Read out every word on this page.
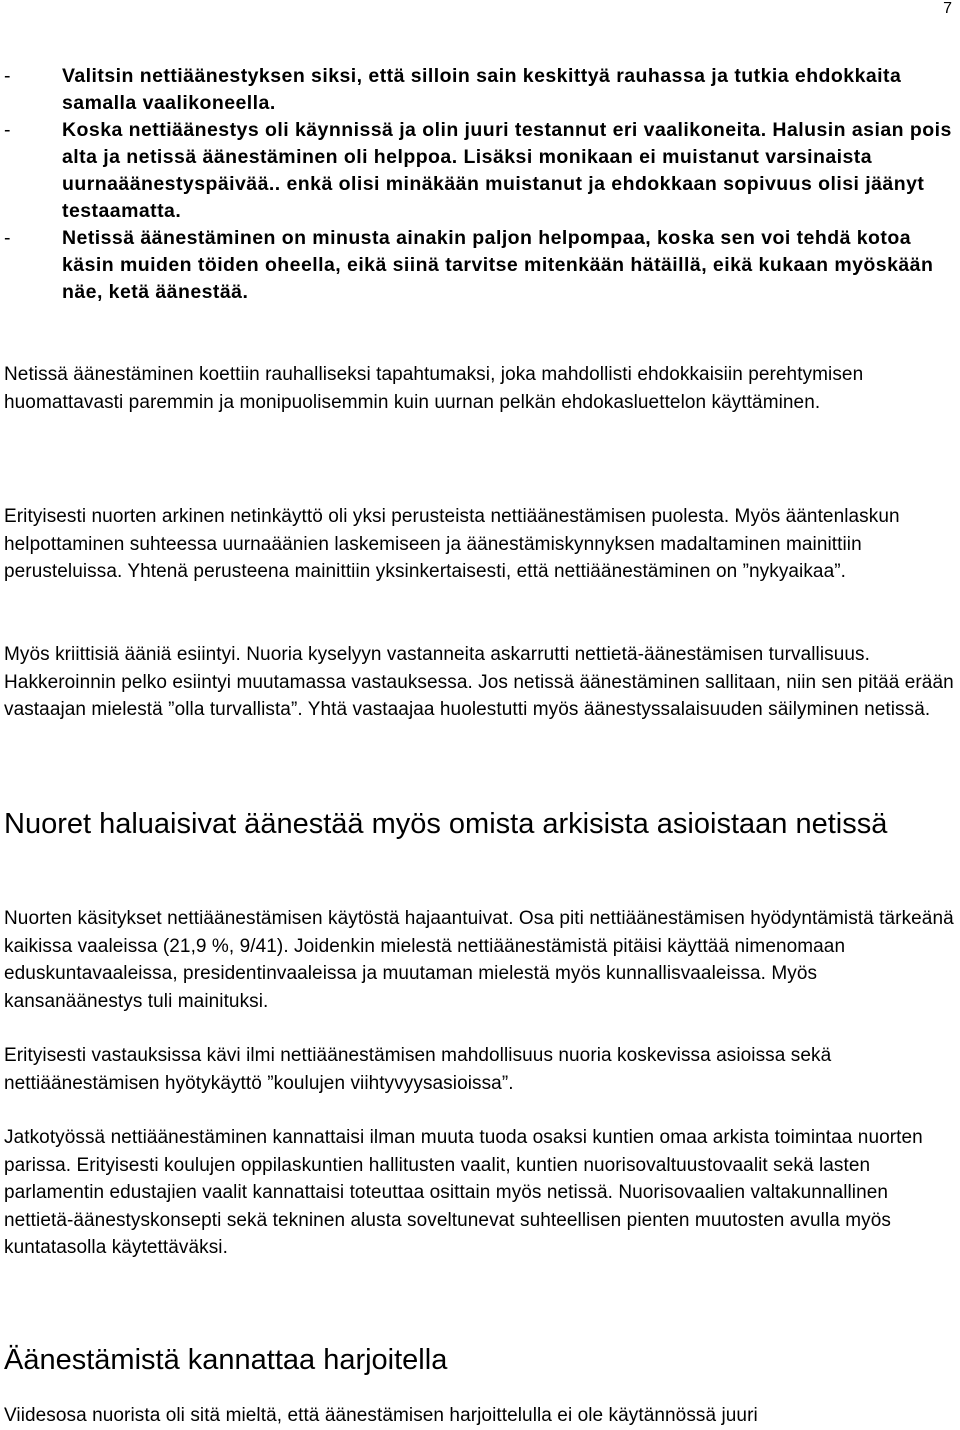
7
-	Valitsin nettiäänestyksen siksi, että silloin sain keskittyä rauhassa ja tutkia ehdokkaita samalla vaalikoneella.
-	Koska nettiäänestys oli käynnissä ja olin juuri testannut eri vaalikoneita. Halusin asian pois alta ja netissä äänestäminen oli helppoa. Lisäksi monikaan ei muistanut varsinaista uurnaäänestyspäivää.. enkä olisi minäkään muistanut ja ehdokkaan sopivuus olisi jäänyt testaamatta.
-	Netissä äänestäminen on minusta ainakin paljon helpompaa, koska sen voi tehdä kotoa käsin muiden töiden oheella, eikä siinä tarvitse mitenkään hätäillä, eikä kukaan myöskään näe, ketä äänestää.

Netissä äänestäminen koettiin rauhalliseksi tapahtumaksi, joka mahdollisti ehdokkaisiin perehtymisen huomattavasti paremmin ja monipuolisemmin kuin uurnan pelkän ehdokasluettelon käyttäminen.

Erityisesti nuorten arkinen netinkäyttö oli yksi perusteista nettiäänestämisen puolesta. Myös ääntenlaskun helpottaminen suhteessa uurnaäänien laskemiseen ja äänestämiskynnyksen madaltaminen mainittiin perusteluissa. Yhtenä perusteena mainittiin yksinkertaisesti, että nettiäänestäminen on ”nykyaikaa”.

Myös kriittisiä ääniä esiintyi. Nuoria kyselyyn vastanneita askarrutti nettietä-äänestämisen turvallisuus. Hakkeroinnin pelko esiintyi muutamassa vastauksessa. Jos netissä äänestäminen sallitaan, niin sen pitää erään vastaajan mielestä ”olla turvallista”. Yhtä vastaajaa huolestutti myös äänestyssalaisuuden säilyminen netissä.

Nuoret haluaisivat äänestää myös omista arkisista asioistaan netissä

Nuorten käsitykset nettiäänestämisen käytöstä hajaantuivat. Osa piti nettiäänestämisen hyödyntämistä tärkeänä kaikissa vaaleissa (21,9 %, 9/41). Joidenkin mielestä nettiäänestämistä pitäisi käyttää nimenomaan eduskuntavaaleissa, presidentinvaaleissa ja muutaman mielestä myös kunnallisvaaleissa. Myös kansanäänestys tuli mainituksi.

Erityisesti vastauksissa kävi ilmi nettiäänestämisen mahdollisuus nuoria koskevissa asioissa sekä nettiäänestämisen hyötykäyttö ”koulujen viihtyvyysasioissa”.

Jatkotyössä nettiäänestäminen kannattaisi ilman muuta tuoda osaksi kuntien omaa arkista toimintaa nuorten parissa. Erityisesti koulujen oppilaskuntien hallitusten vaalit, kuntien nuorisovaltuustovaalit sekä lasten parlamentin edustajien vaalit kannattaisi toteuttaa osittain myös netissä. Nuorisovaalien valtakunnallinen nettietä-äänestyskonsepti sekä tekninen alusta soveltunevat suhteellisen pienten muutosten avulla myös kuntatasolla käytettäväksi.

Äänestämistä kannattaa harjoitella

Viidesosa nuorista oli sitä mieltä, että äänestämisen harjoittelulla ei ole käytännössä juuri
